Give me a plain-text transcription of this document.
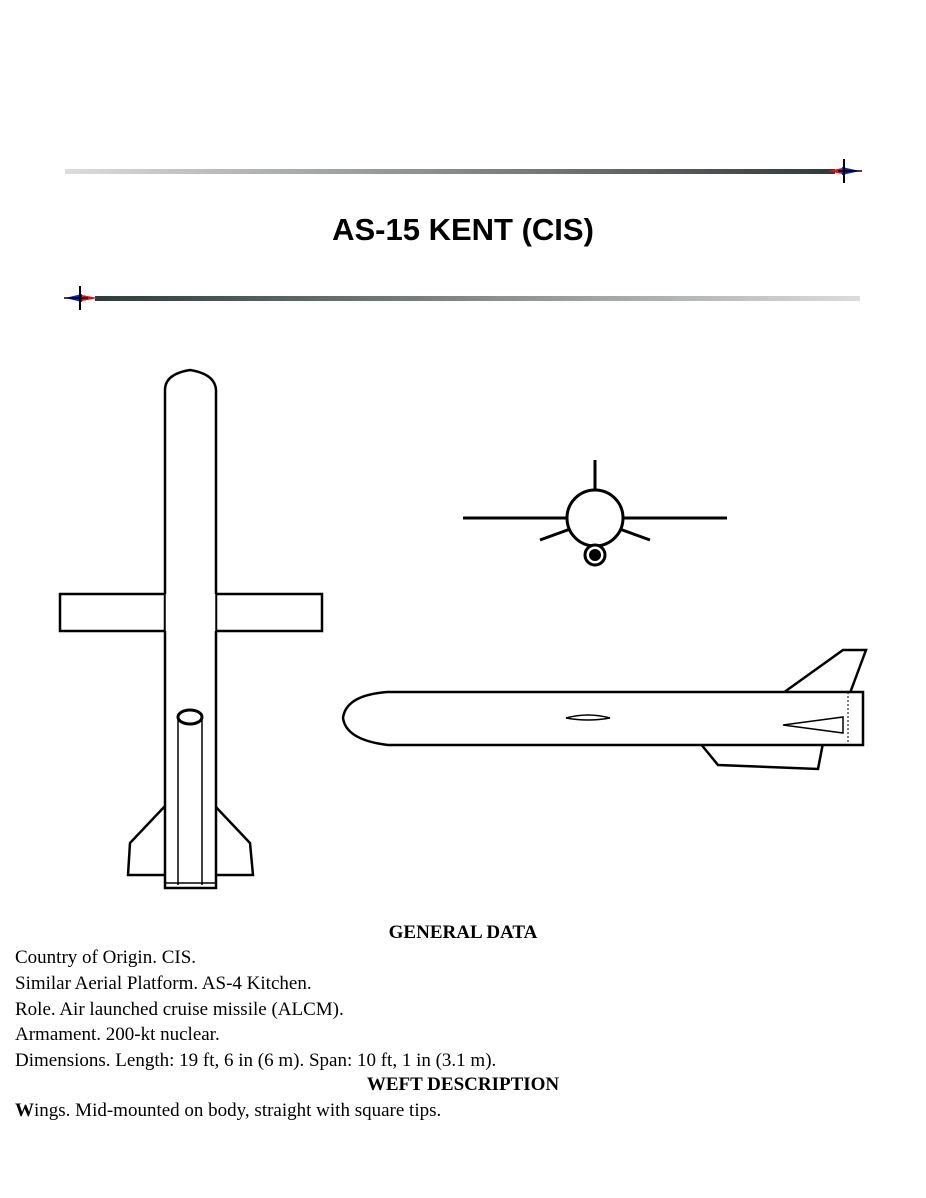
AS-15 KENT (CIS)
GENERAL DATA
Country of Origin. CIS.
Similar Aerial Platform. AS-4 Kitchen.
Role. Air launched cruise missile (ALCM).
Armament. 200-kt nuclear.
Dimensions. Length: 19 ft, 6 in (6 m). Span: 10 ft, 1 in (3.1 m).
WEFT DESCRIPTION
Wings. Mid-mounted on body, straight with square tips.
